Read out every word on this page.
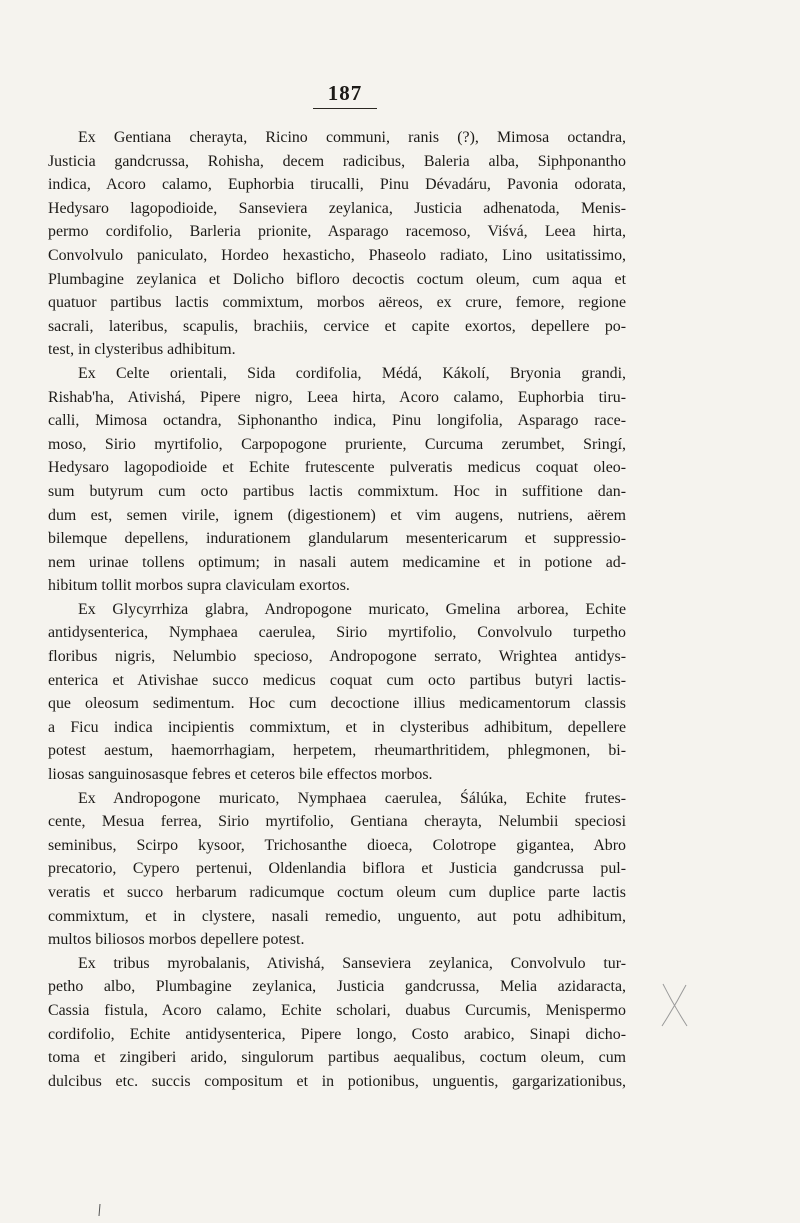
187
Ex Gentiana cherayta, Ricino communi, ranis (?), Mimosa octandra,
Justicia gandcrussa, Rohisha, decem radicibus, Baleria alba, Siphponantho
indica, Acoro calamo, Euphorbia tirucalli, Pinu Dévadáru, Pavonia odorata,
Hedysaro lagopodioide, Sanseviera zeylanica, Justicia adhenatoda, Menis-
permo cordifolio, Barleria prionite, Asparago racemoso, Viśvá, Leea hirta,
Convolvulo paniculato, Hordeo hexasticho, Phaseolo radiato, Lino usitatissimo,
Plumbagine zeylanica et Dolicho bifloro decoctis coctum oleum, cum aqua et
quatuor partibus lactis commixtum, morbos aëreos, ex crure, femore, regione
sacrali, lateribus, scapulis, brachiis, cervice et capite exortos, depellere po-
test, in clysteribus adhibitum.
Ex Celte orientali, Sida cordifolia, Médá, Kákolí, Bryonia grandi,
Rishab'ha, Ativishá, Pipere nigro, Leea hirta, Acoro calamo, Euphorbia tiru-
calli, Mimosa octandra, Siphonantho indica, Pinu longifolia, Asparago race-
moso, Sirio myrtifolio, Carpopogone pruriente, Curcuma zerumbet, Sringí,
Hedysaro lagopodioide et Echite frutescente pulveratis medicus coquat oleo-
sum butyrum cum octo partibus lactis commixtum. Hoc in suffitione dan-
dum est, semen virile, ignem (digestionem) et vim augens, nutriens, aërem
bilemque depellens, indurationem glandularum mesentericarum et suppressio-
nem urinae tollens optimum; in nasali autem medicamine et in potione ad-
hibitum tollit morbos supra claviculam exortos.
Ex Glycyrrhiza glabra, Andropogone muricato, Gmelina arborea, Echite
antidysenterica, Nymphaea caerulea, Sirio myrtifolio, Convolvulo turpetho
floribus nigris, Nelumbio specioso, Andropogone serrato, Wrightea antidys-
enterica et Ativishae succo medicus coquat cum octo partibus butyri lactis-
que oleosum sedimentum. Hoc cum decoctione illius medicamentorum classis
a Ficu indica incipientis commixtum, et in clysteribus adhibitum, depellere
potest aestum, haemorrhagiam, herpetem, rheumarthritidem, phlegmonen, bi-
liosas sanguinosasque febres et ceteros bile effectos morbos.
Ex Andropogone muricato, Nymphaea caerulea, Śálúka, Echite frutes-
cente, Mesua ferrea, Sirio myrtifolio, Gentiana cherayta, Nelumbii speciosi
seminibus, Scirpo kysoor, Trichosanthe dioeca, Colotrope gigantea, Abro
precatorio, Cypero pertenui, Oldenlandia biflora et Justicia gandcrussa pul-
veratis et succo herbarum radicumque coctum oleum cum duplice parte lactis
commixtum, et in clystere, nasali remedio, unguento, aut potu adhibitum,
multos biliosos morbos depellere potest.
Ex tribus myrobalanis, Ativishá, Sanseviera zeylanica, Convolvulo tur-
petho albo, Plumbagine zeylanica, Justicia gandcrussa, Melia azidaracta,
Cassia fistula, Acoro calamo, Echite scholari, duabus Curcumis, Menispermo
cordifolio, Echite antidysenterica, Pipere longo, Costo arabico, Sinapi dicho-
toma et zingiberi arido, singulorum partibus aequalibus, coctum oleum, cum
dulcibus etc. succis compositum et in potionibus, unguentis, gargarizationibus,
